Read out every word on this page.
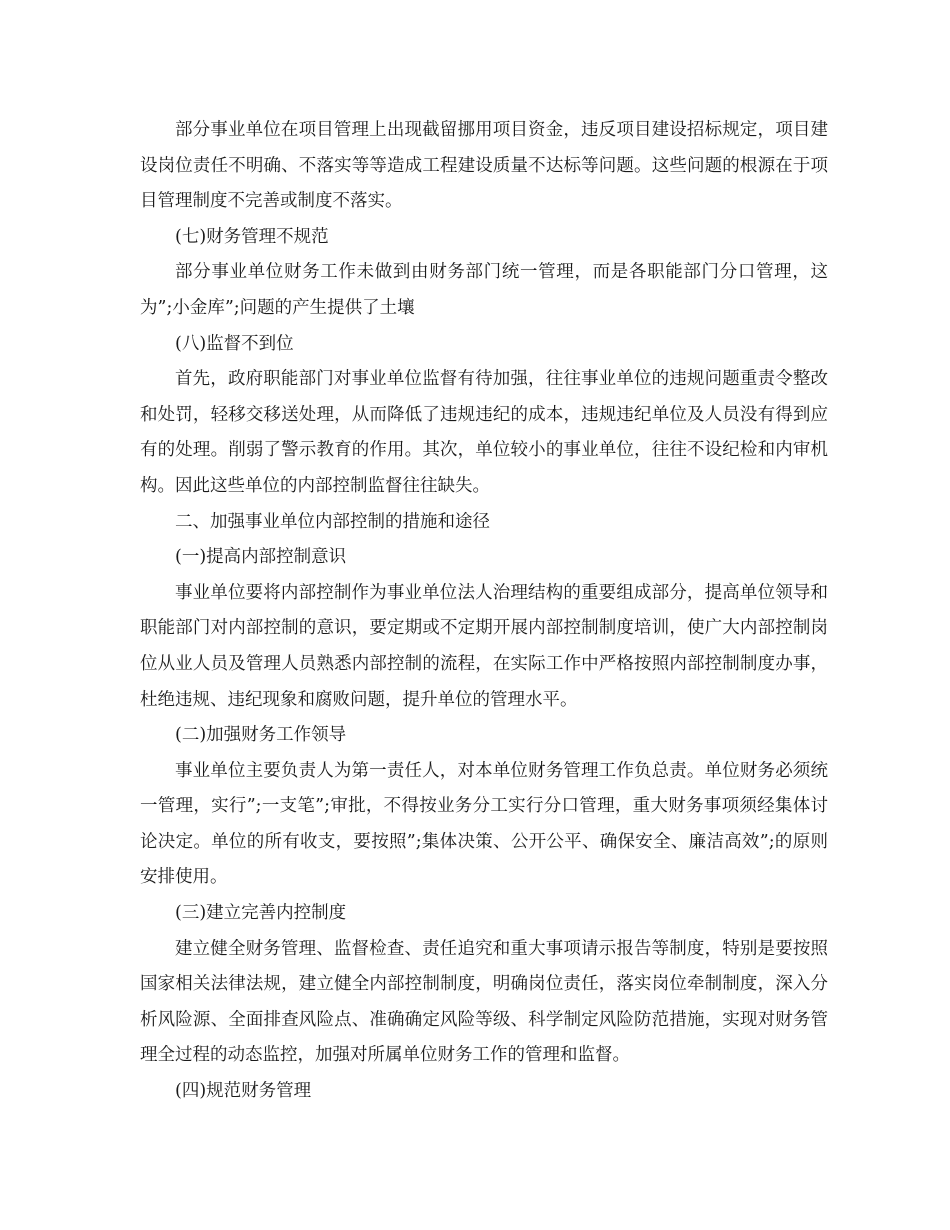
部分事业单位在项目管理上出现截留挪用项目资金，违反项目建设招标规定，项目建设岗位责任不明确、不落实等等造成工程建设质量不达标等问题。这些问题的根源在于项目管理制度不完善或制度不落实。

(七)财务管理不规范

部分事业单位财务工作未做到由财务部门统一管理，而是各职能部门分口管理，这为”;小金库”;问题的产生提供了土壤

(八)监督不到位

首先，政府职能部门对事业单位监督有待加强，往往事业单位的违规问题重责令整改和处罚，轻移交移送处理，从而降低了违规违纪的成本，违规违纪单位及人员没有得到应有的处理。削弱了警示教育的作用。其次，单位较小的事业单位，往往不设纪检和内审机构。因此这些单位的内部控制监督往往缺失。

二、加强事业单位内部控制的措施和途径

(一)提高内部控制意识

事业单位要将内部控制作为事业单位法人治理结构的重要组成部分，提高单位领导和职能部门对内部控制的意识，要定期或不定期开展内部控制制度培训，使广大内部控制岗位从业人员及管理人员熟悉内部控制的流程，在实际工作中严格按照内部控制制度办事，杜绝违规、违纪现象和腐败问题，提升单位的管理水平。

(二)加强财务工作领导

事业单位主要负责人为第一责任人，对本单位财务管理工作负总责。单位财务必须统一管理，实行”;一支笔”;审批，不得按业务分工实行分口管理，重大财务事项须经集体讨论决定。单位的所有收支，要按照”;集体决策、公开公平、确保安全、廉洁高效”;的原则安排使用。

(三)建立完善内控制度

建立健全财务管理、监督检查、责任追究和重大事项请示报告等制度，特别是要按照国家相关法律法规，建立健全内部控制制度，明确岗位责任，落实岗位牵制制度，深入分析风险源、全面排查风险点、准确确定风险等级、科学制定风险防范措施，实现对财务管理全过程的动态监控，加强对所属单位财务工作的管理和监督。

(四)规范财务管理
